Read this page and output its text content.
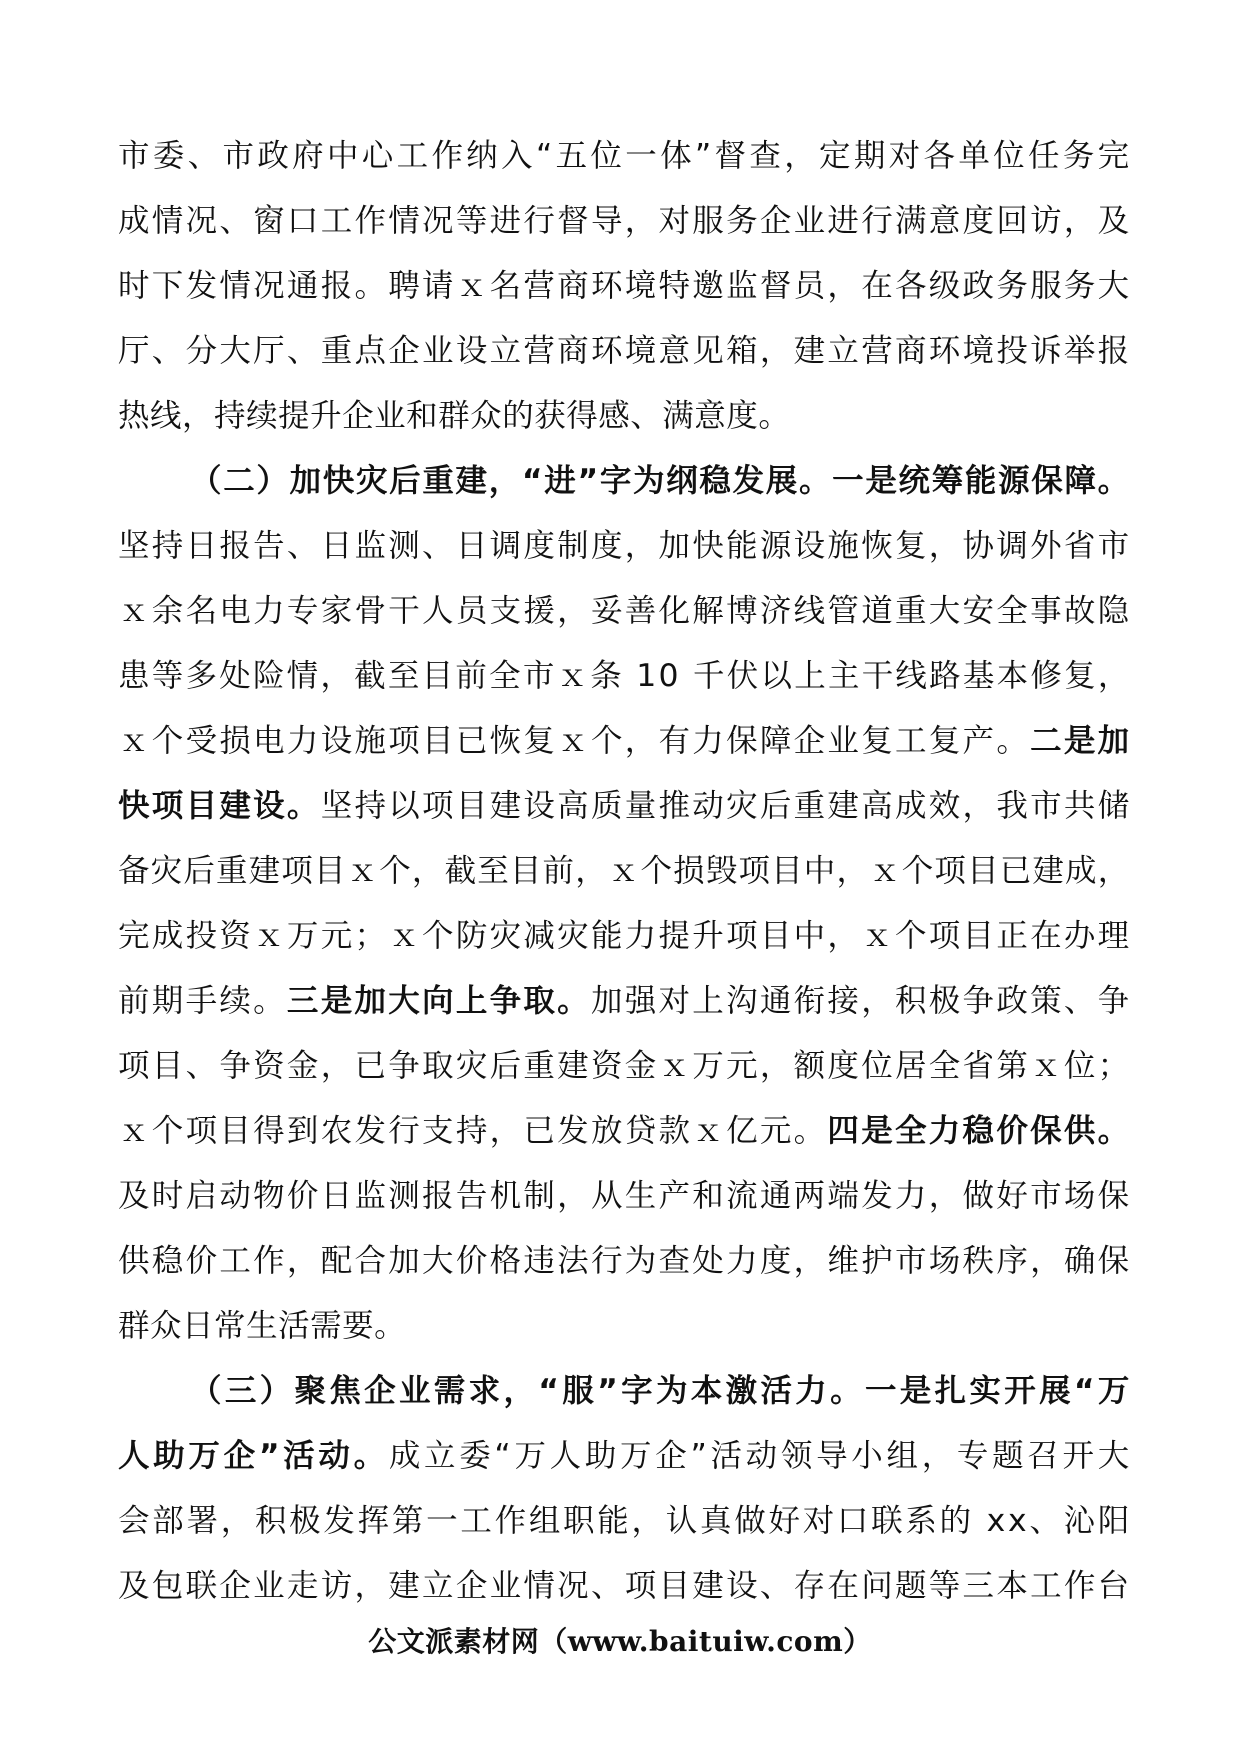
市 委 、 市 政 府 中 心 工 作 纳 入 “ 五 位 一 体 ” 督 查 ， 定 期 对 各 单 位 任 务 完
成 情 况 、 窗 口 工 作 情 况 等 进 行 督 导 ， 对 服 务 企 业 进 行 满 意 度 回 访 ， 及
时 下 发 情 况 通 报 。 聘 请 ｘ 名 营 商 环 境 特 邀 监 督 员 ， 在 各 级 政 务 服 务 大
厅 、 分 大 厅 、 重 点 企 业 设 立 营 商 环 境 意 见 箱 ， 建 立 营 商 环 境 投 诉 举 报
热 线 ， 持 续 提 升 企 业 和 群 众 的 获 得 感 、 满 意 度 。
（ 二 ） 加 快 灾 后 重 建 ， “ 进 ” 字 为 纲 稳 发 展 。 一 是 统 筹 能 源 保 障 。
坚 持 日 报 告 、 日 监 测 、 日 调 度 制 度 ， 加 快 能 源 设 施 恢 复 ， 协 调 外 省 市
ｘ 余 名 电 力 专 家 骨 干 人 员 支 援 ， 妥 善 化 解 博 济 线 管 道 重 大 安 全 事 故 隐
患 等 多 处 险 情 ， 截 至 目 前 全 市 ｘ 条
1 0
千 伏 以 上 主 干 线 路 基 本 修 复 ，
ｘ 个 受 损 电 力 设 施 项 目 已 恢 复 ｘ 个 ， 有 力 保 障 企 业 复 工 复 产 。 二 是 加
快 项 目 建 设 。 坚 持 以 项 目 建 设 高 质 量 推 动 灾 后 重 建 高 成 效 ， 我 市 共 储
备 灾 后 重 建 项 目 ｘ 个 ， 截 至 目 前 ， ｘ 个 损 毁 项 目 中 ， ｘ 个 项 目 已 建 成 ，
完 成 投 资 ｘ 万 元 ； ｘ 个 防 灾 减 灾 能 力 提 升 项 目 中 ， ｘ 个 项 目 正 在 办 理
前 期 手 续 。 三 是 加 大 向 上 争 取 。 加 强 对 上 沟 通 衔 接 ， 积 极 争 政 策 、 争
项 目 、 争 资 金 ， 已 争 取 灾 后 重 建 资 金 ｘ 万 元 ， 额 度 位 居 全 省 第 ｘ 位 ；
ｘ 个 项 目 得 到 农 发 行 支 持 ， 已 发 放 贷 款 ｘ 亿 元 。 四 是 全 力 稳 价 保 供 。
及 时 启 动 物 价 日 监 测 报 告 机 制 ， 从 生 产 和 流 通 两 端 发 力 ， 做 好 市 场 保
供 稳 价 工 作 ， 配 合 加 大 价 格 违 法 行 为 查 处 力 度 ， 维 护 市 场 秩 序 ， 确 保
群 众 日 常 生 活 需 要 。
（ 三 ） 聚 焦 企 业 需 求 ， “ 服 ” 字 为 本 激 活 力 。 一 是 扎 实 开 展 “ 万
人 助 万 企 ” 活 动 。 成 立 委 “ 万 人 助 万 企 ” 活 动 领 导 小 组 ， 专 题 召 开 大
会 部 署 ， 积 极 发 挥 第 一 工 作 组 职 能 ， 认 真 做 好 对 口 联 系 的
x x 、 沁 阳
及 包 联 企 业 走 访 ， 建 立 企 业 情 况 、 项 目 建 设 、 存 在 问 题 等 三 本 工 作 台
公文派素材网（www.baituiw.com）
